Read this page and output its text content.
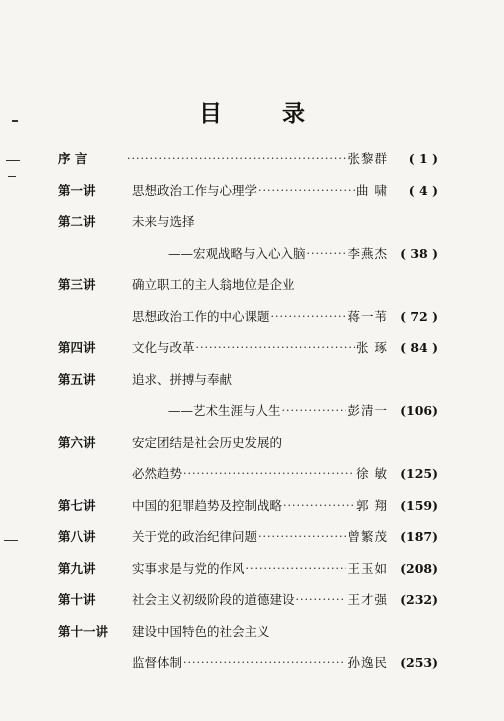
目 录
序 言 ·····	张黎群	( 1 )
第一讲	思想政治工作与心理学 ·····	曲 啸	( 4 )
第二讲	未来与选择
——宏观战略与入心入脑 ·····	李燕杰 ( 38 )
第三讲	确立职工的主人翁地位是企业
思想政治工作的中心课题 ·····	蒋一苇 ( 72 )
第四讲	文化与改革 ·····	张 琢 ( 84 )
第五讲	追求、拼搏与奉献
——艺术生涯与人生 ·····	彭清一 (106)
第六讲	安定团结是社会历史发展的
必然趋势 ·····	徐 敏 (125)
第七讲	中国的犯罪趋势及控制战略 ·····	郭 翔 (159)
第八讲	关于党的政治纪律问题 ·····	曾繁茂 (187)
第九讲	实事求是与党的作风 ·····	王玉如 (208)
第十讲	社会主义初级阶段的道德建设 ·····	王才强 (232)
第十一讲	建设中国特色的社会主义
监督体制 ·····	孙逸民 (253)
